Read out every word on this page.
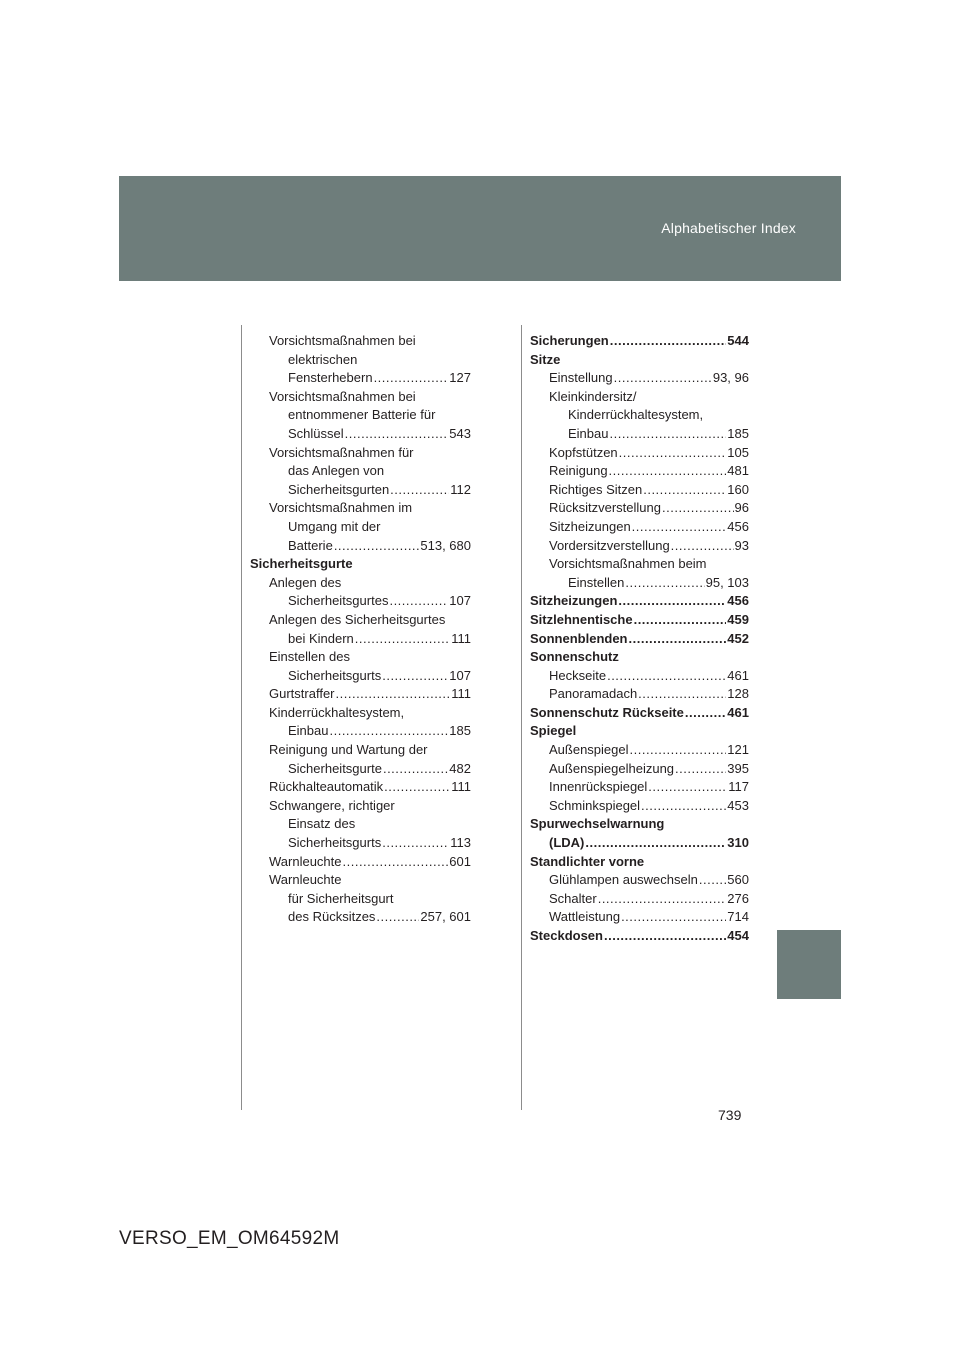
Alphabetischer Index
Vorsichtsmaßnahmen bei
elektrischen
Fensterhebern .....	127
Vorsichtsmaßnahmen bei
entnommener Batterie für
Schlüssel .....	543
Vorsichtsmaßnahmen für
das Anlegen von
Sicherheitsgurten .....	112
Vorsichtsmaßnahmen im
Umgang mit der
Batterie .....	513, 680
Sicherheitsgurte
Anlegen des
Sicherheitsgurtes .....	107
Anlegen des Sicherheitsgurtes
bei Kindern .....	111
Einstellen des
Sicherheitsgurts .....	107
Gurtstraffer .....	111
Kinderrückhaltesystem,
Einbau .....	185
Reinigung und Wartung der
Sicherheitsgurte .....	482
Rückhalteautomatik .....	111
Schwangere, richtiger
Einsatz des
Sicherheitsgurts .....	113
Warnleuchte .....	601
Warnleuchte
für Sicherheitsgurt
des Rücksitzes .....	257, 601
Sicherungen .....	544
Sitze
Einstellung .....	93, 96
Kleinkindersitz/
Kinderrückhaltesystem,
Einbau .....	185
Kopfstützen .....	105
Reinigung .....	481
Richtiges Sitzen .....	160
Rücksitzverstellung .....	96
Sitzheizungen .....	456
Vordersitzverstellung .....	93
Vorsichtsmaßnahmen beim
Einstellen .....	95, 103
Sitzheizungen .....	456
Sitzlehnentische .....	459
Sonnenblenden .....	452
Sonnenschutz
Heckseite .....	461
Panoramadach .....	128
Sonnenschutz Rückseite .....	461
Spiegel
Außenspiegel .....	121
Außenspiegelheizung .....	395
Innenrückspiegel .....	117
Schminkspiegel .....	453
Spurwechselwarnung
(LDA) .....	310
Standlichter vorne
Glühlampen auswechseln ..... 560
Schalter .....	276
Wattleistung .....	714
Steckdosen .....	454
739
VERSO_EM_OM64592M
